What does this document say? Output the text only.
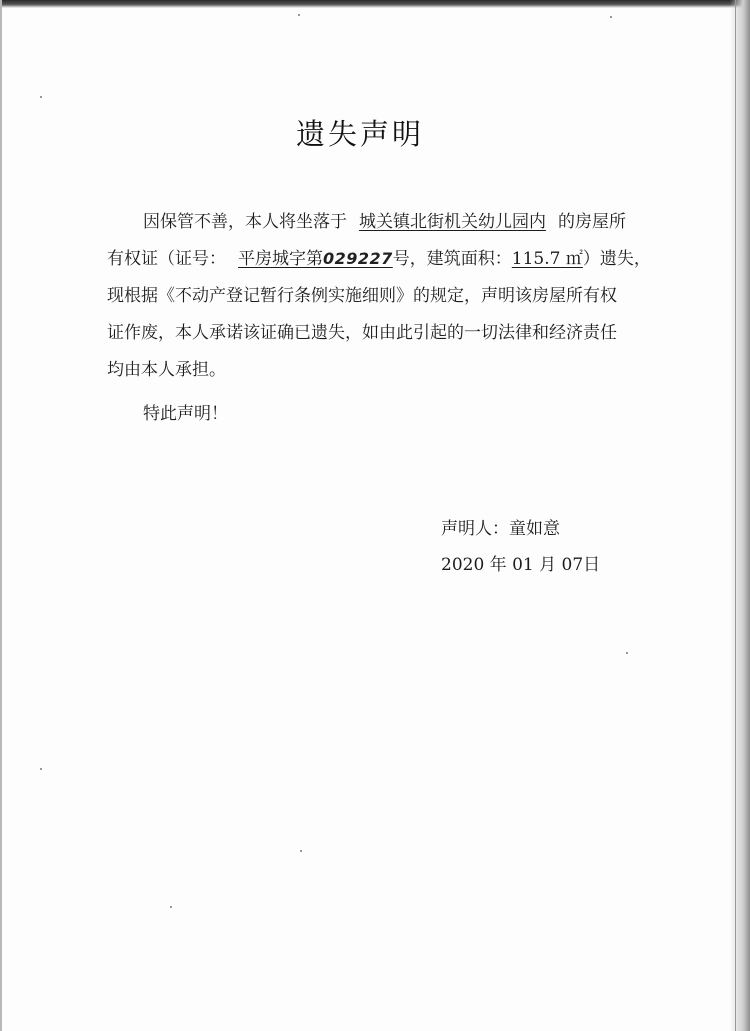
遗失声明
因保管不善，本人将坐落于 城关镇北街机关幼儿园内 的房屋所
有权证（证号： 平房城字第029227号，建筑面积：115.7 ㎡）遗失，
现根据《不动产登记暂行条例实施细则》的规定，声明该房屋所有权
证作废，本人承诺该证确已遗失，如由此引起的一切法律和经济责任
均由本人承担。
特此声明！
声明人：童如意
2020 年 01 月 07日
